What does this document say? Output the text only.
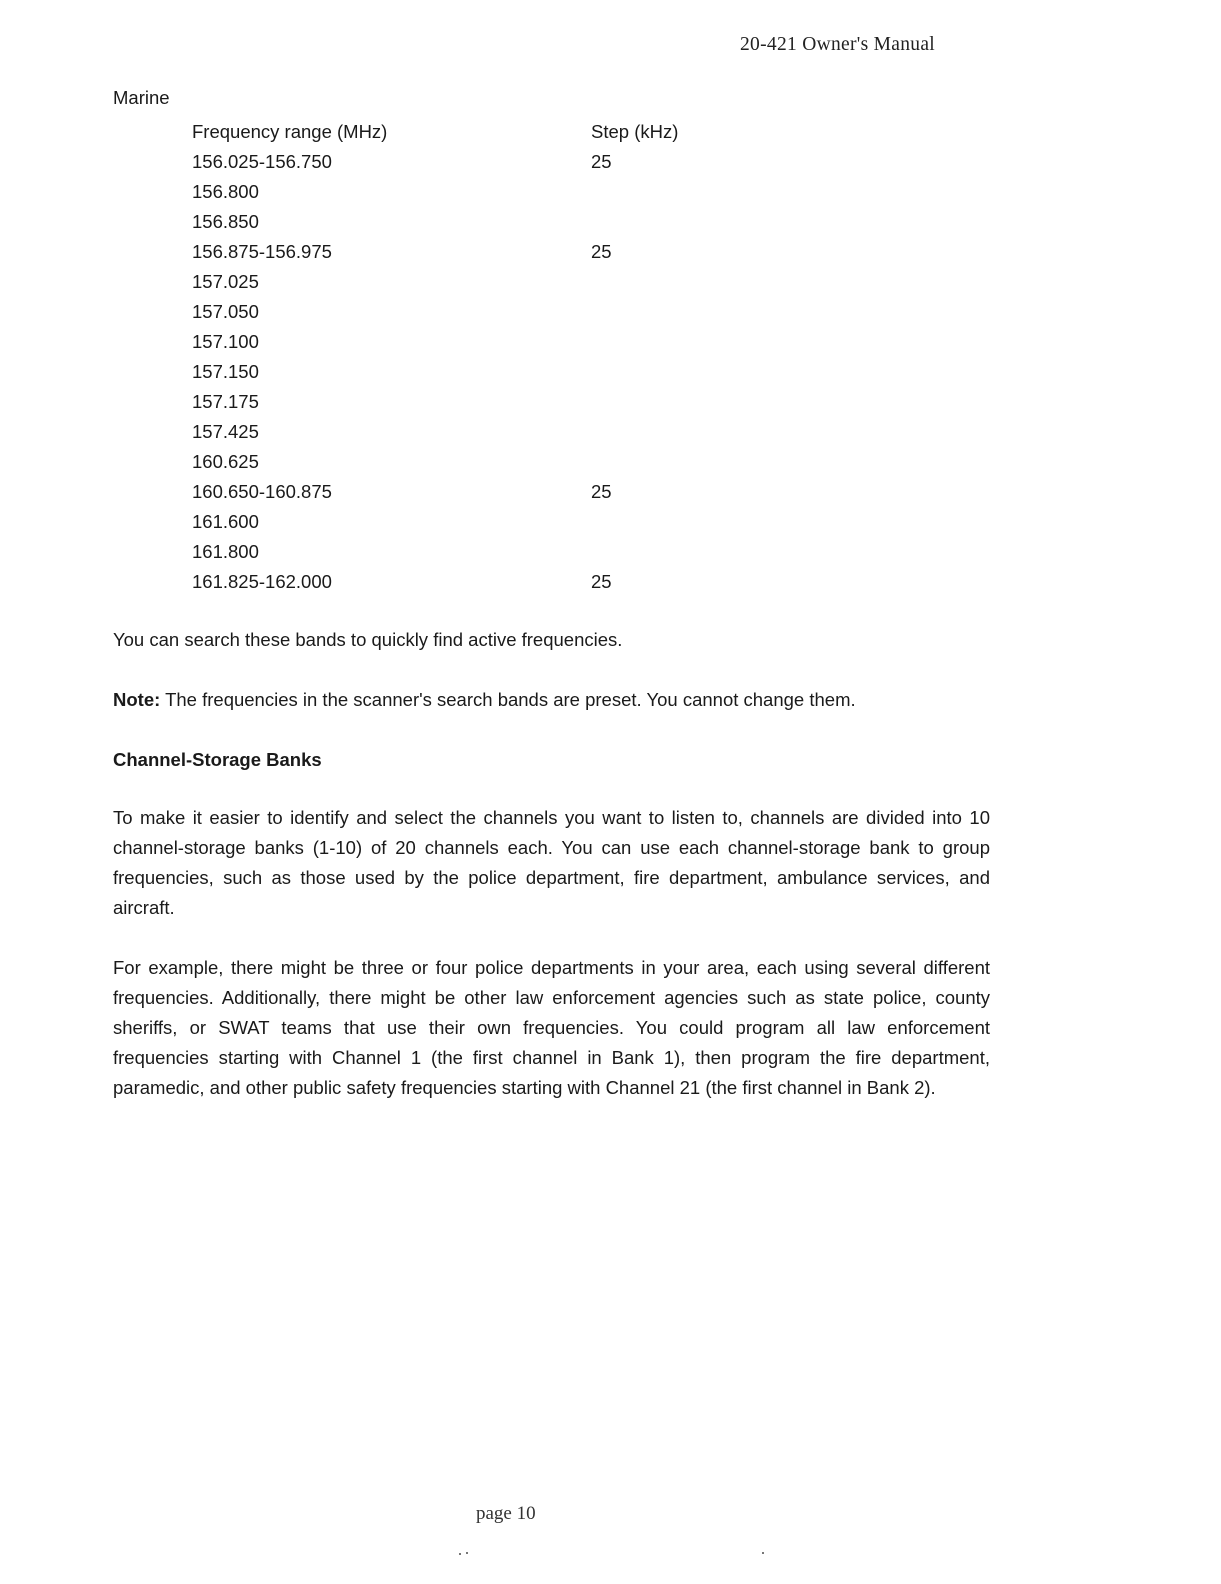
20-421 Owner's Manual
Marine
Frequency range (MHz)	Step (kHz)
156.025-156.750	25
156.800	
156.850	
156.875-156.975	25
157.025	
157.050	
157.100	
157.150	
157.175	
157.425	
160.625	
160.650-160.875	25
161.600	
161.800	
161.825-162.000	25

You can search these bands to quickly find active frequencies.

Note: The frequencies in the scanner's search bands are preset. You cannot change them.

Channel-Storage Banks

To make it easier to identify and select the channels you want to listen to, channels are divided into 10 channel-storage banks (1-10) of 20 channels each. You can use each channel-storage bank to group frequencies, such as those used by the police department, fire department, ambulance services, and aircraft.

For example, there might be three or four police departments in your area, each using several different frequencies. Additionally, there might be other law enforcement agencies such as state police, county sheriffs, or SWAT teams that use their own frequencies. You could program all law enforcement frequencies starting with Channel 1 (the first channel in Bank 1), then program the fire department, paramedic, and other public safety frequencies starting with Channel 21 (the first channel in Bank 2).

page 10
